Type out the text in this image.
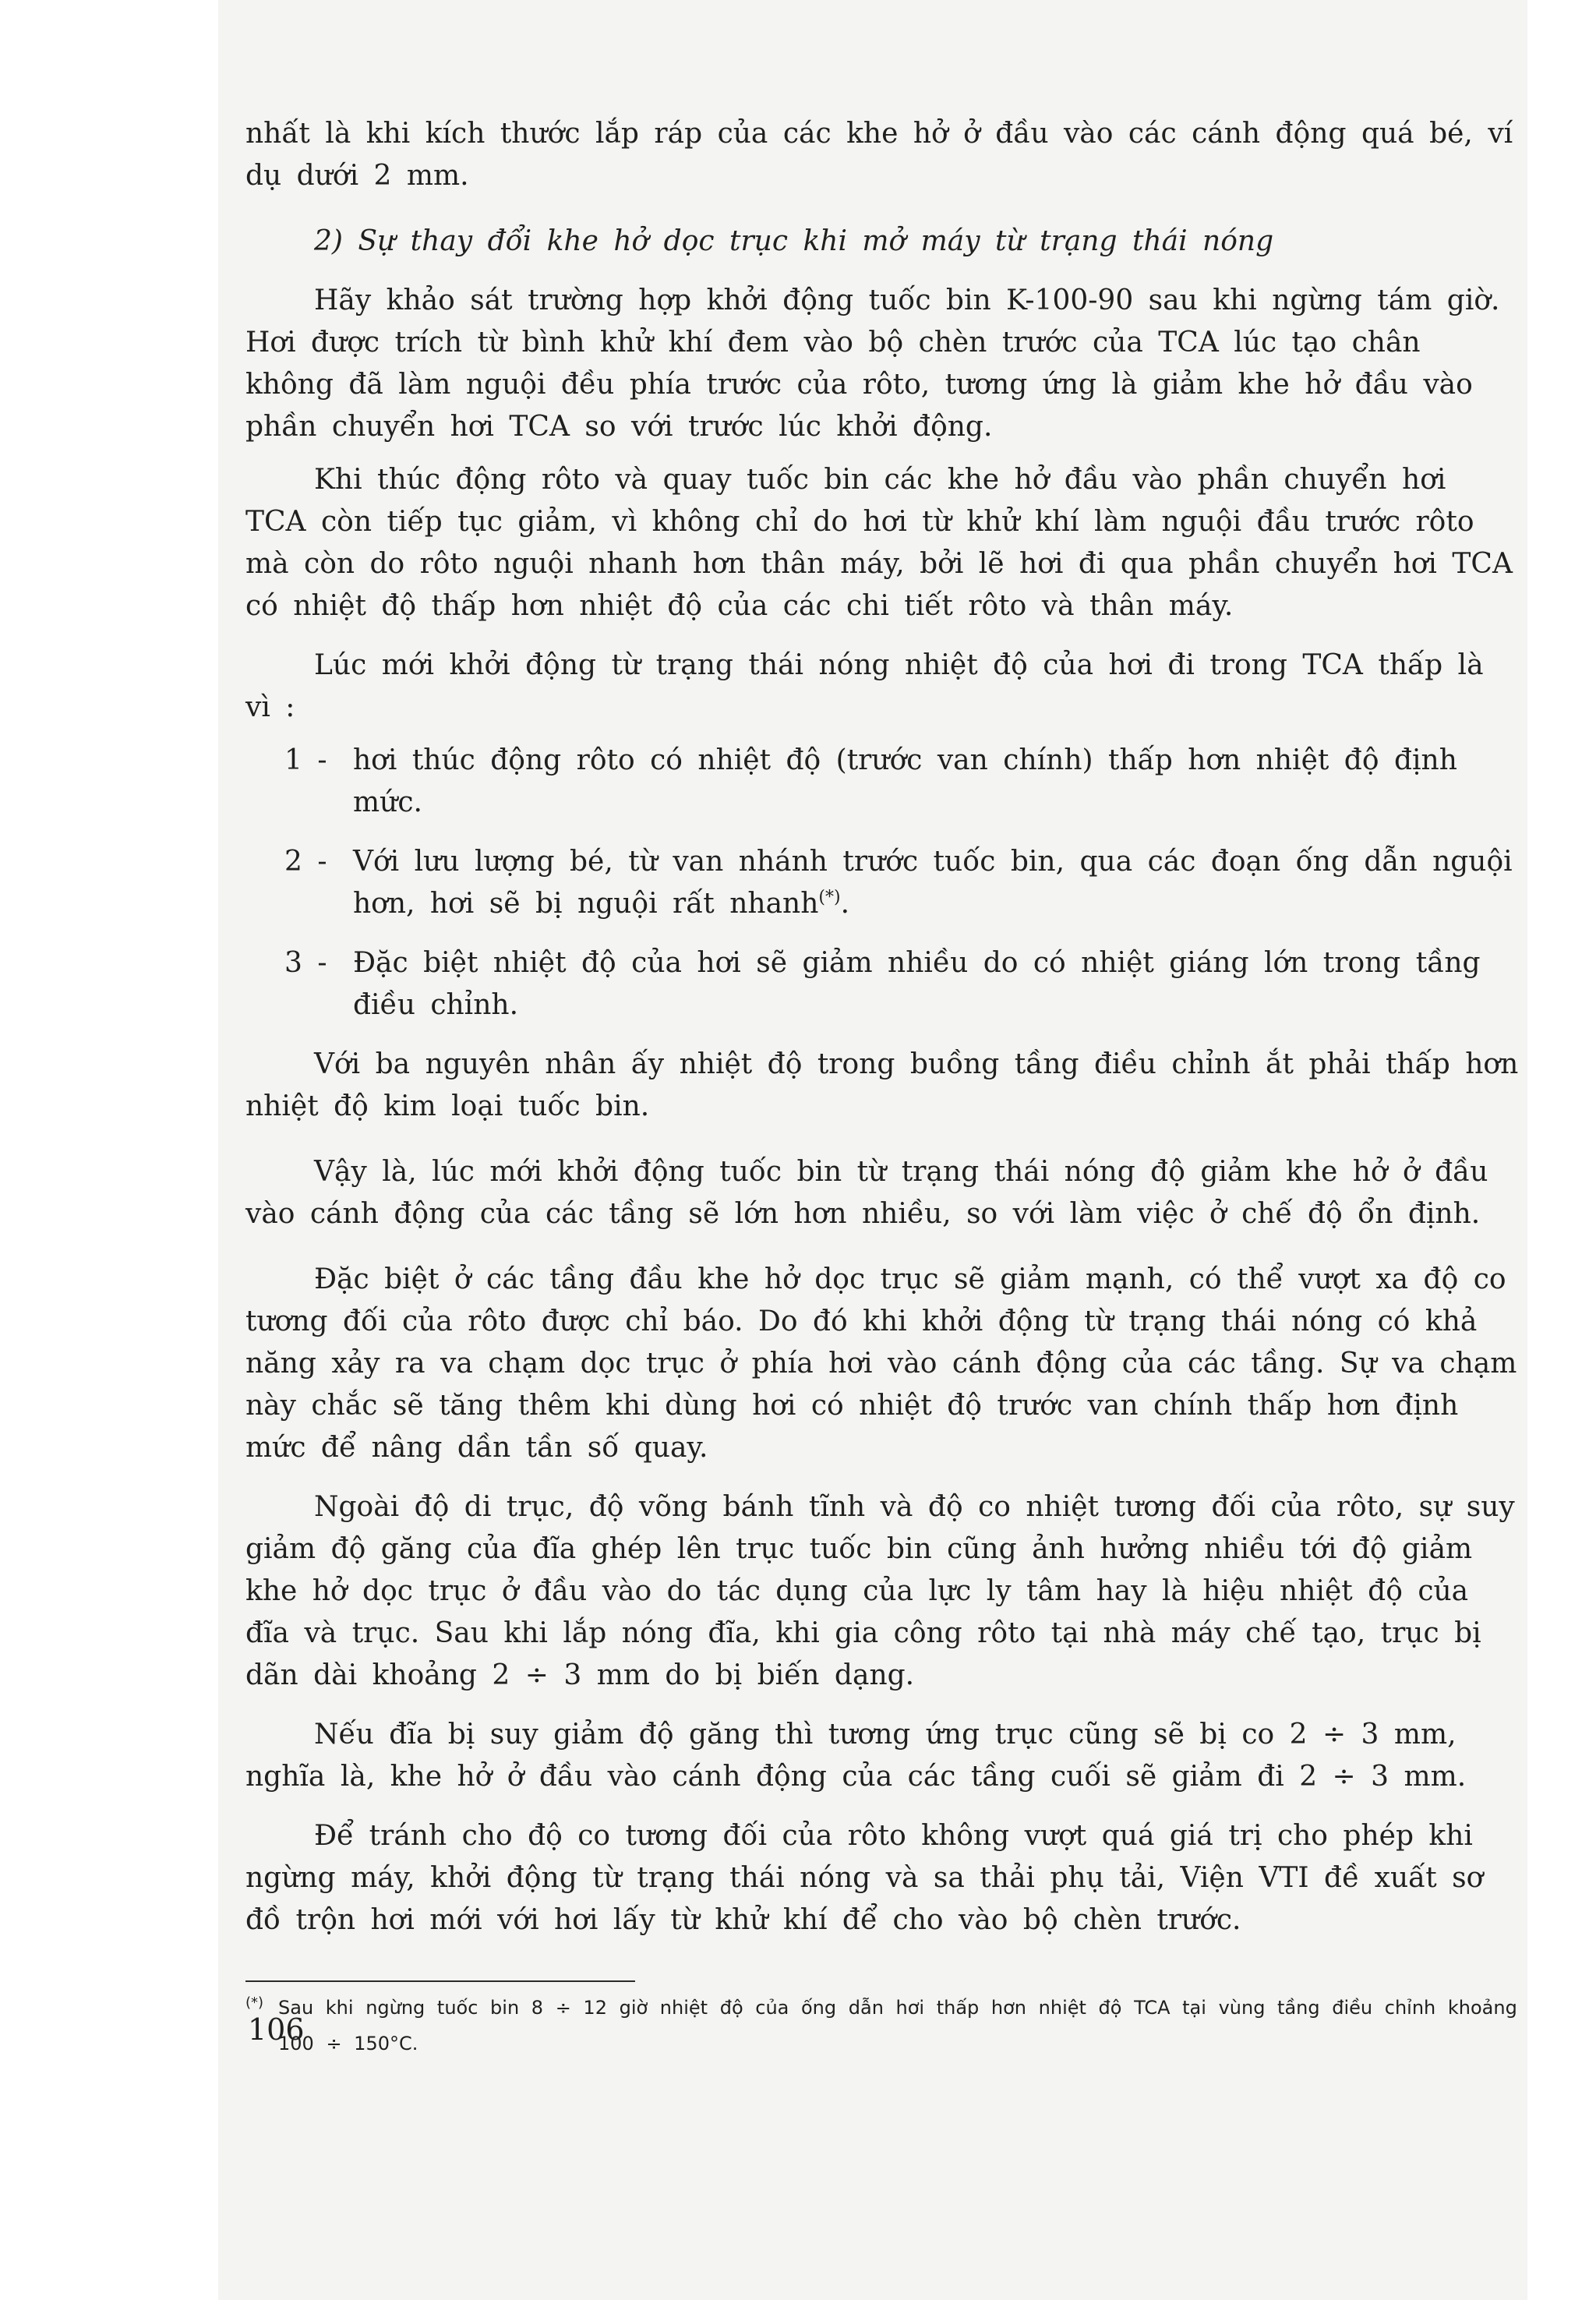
nhất là khi kích thước lắp ráp của các khe hở ở đầu vào các cánh động quá bé, ví dụ dưới 2 mm.

2) Sự thay đổi khe hở dọc trục khi mở máy từ trạng thái nóng

Hãy khảo sát trường hợp khởi động tuốc bin K-100-90 sau khi ngừng tám giờ. Hơi được trích từ bình khử khí đem vào bộ chèn trước của TCA lúc tạo chân không đã làm nguội đều phía trước của rôto, tương ứng là giảm khe hở đầu vào phần chuyển hơi TCA so với trước lúc khởi động.

Khi thúc động rôto và quay tuốc bin các khe hở đầu vào phần chuyển hơi TCA còn tiếp tục giảm, vì không chỉ do hơi từ khử khí làm nguội đầu trước rôto mà còn do rôto nguội nhanh hơn thân máy, bởi lẽ hơi đi qua phần chuyển hơi TCA có nhiệt độ thấp hơn nhiệt độ của các chi tiết rôto và thân máy.

Lúc mới khởi động từ trạng thái nóng nhiệt độ của hơi đi trong TCA thấp là vì :

1 - hơi thúc động rôto có nhiệt độ (trước van chính) thấp hơn nhiệt độ định mức.

2 - Với lưu lượng bé, từ van nhánh trước tuốc bin, qua các đoạn ống dẫn nguội hơn, hơi sẽ bị nguội rất nhanh(*).

3 - Đặc biệt nhiệt độ của hơi sẽ giảm nhiều do có nhiệt giáng lớn trong tầng điều chỉnh.

Với ba nguyên nhân ấy nhiệt độ trong buồng tầng điều chỉnh ắt phải thấp hơn nhiệt độ kim loại tuốc bin.

Vậy là, lúc mới khởi động tuốc bin từ trạng thái nóng độ giảm khe hở ở đầu vào cánh động của các tầng sẽ lớn hơn nhiều, so với làm việc ở chế độ ổn định.

Đặc biệt ở các tầng đầu khe hở dọc trục sẽ giảm mạnh, có thể vượt xa độ co tương đối của rôto được chỉ báo. Do đó khi khởi động từ trạng thái nóng có khả năng xảy ra va chạm dọc trục ở phía hơi vào cánh động của các tầng. Sự va chạm này chắc sẽ tăng thêm khi dùng hơi có nhiệt độ trước van chính thấp hơn định mức để nâng dần tần số quay.

Ngoài độ di trục, độ võng bánh tĩnh và độ co nhiệt tương đối của rôto, sự suy giảm độ găng của đĩa ghép lên trục tuốc bin cũng ảnh hưởng nhiều tới độ giảm khe hở dọc trục ở đầu vào do tác dụng của lực ly tâm hay là hiệu nhiệt độ của đĩa và trục. Sau khi lắp nóng đĩa, khi gia công rôto tại nhà máy chế tạo, trục bị dãn dài khoảng 2 ÷ 3 mm do bị biến dạng.

Nếu đĩa bị suy giảm độ găng thì tương ứng trục cũng sẽ bị co 2 ÷ 3 mm, nghĩa là, khe hở ở đầu vào cánh động của các tầng cuối sẽ giảm đi 2 ÷ 3 mm.

Để tránh cho độ co tương đối của rôto không vượt quá giá trị cho phép khi ngừng máy, khởi động từ trạng thái nóng và sa thải phụ tải, Viện VTI đề xuất sơ đồ trộn hơi mới với hơi lấy từ khử khí để cho vào bộ chèn trước.

(*) Sau khi ngừng tuốc bin 8 ÷ 12 giờ nhiệt độ của ống dẫn hơi thấp hơn nhiệt độ TCA tại vùng tầng điều chỉnh khoảng 100 ÷ 150°C.

106
